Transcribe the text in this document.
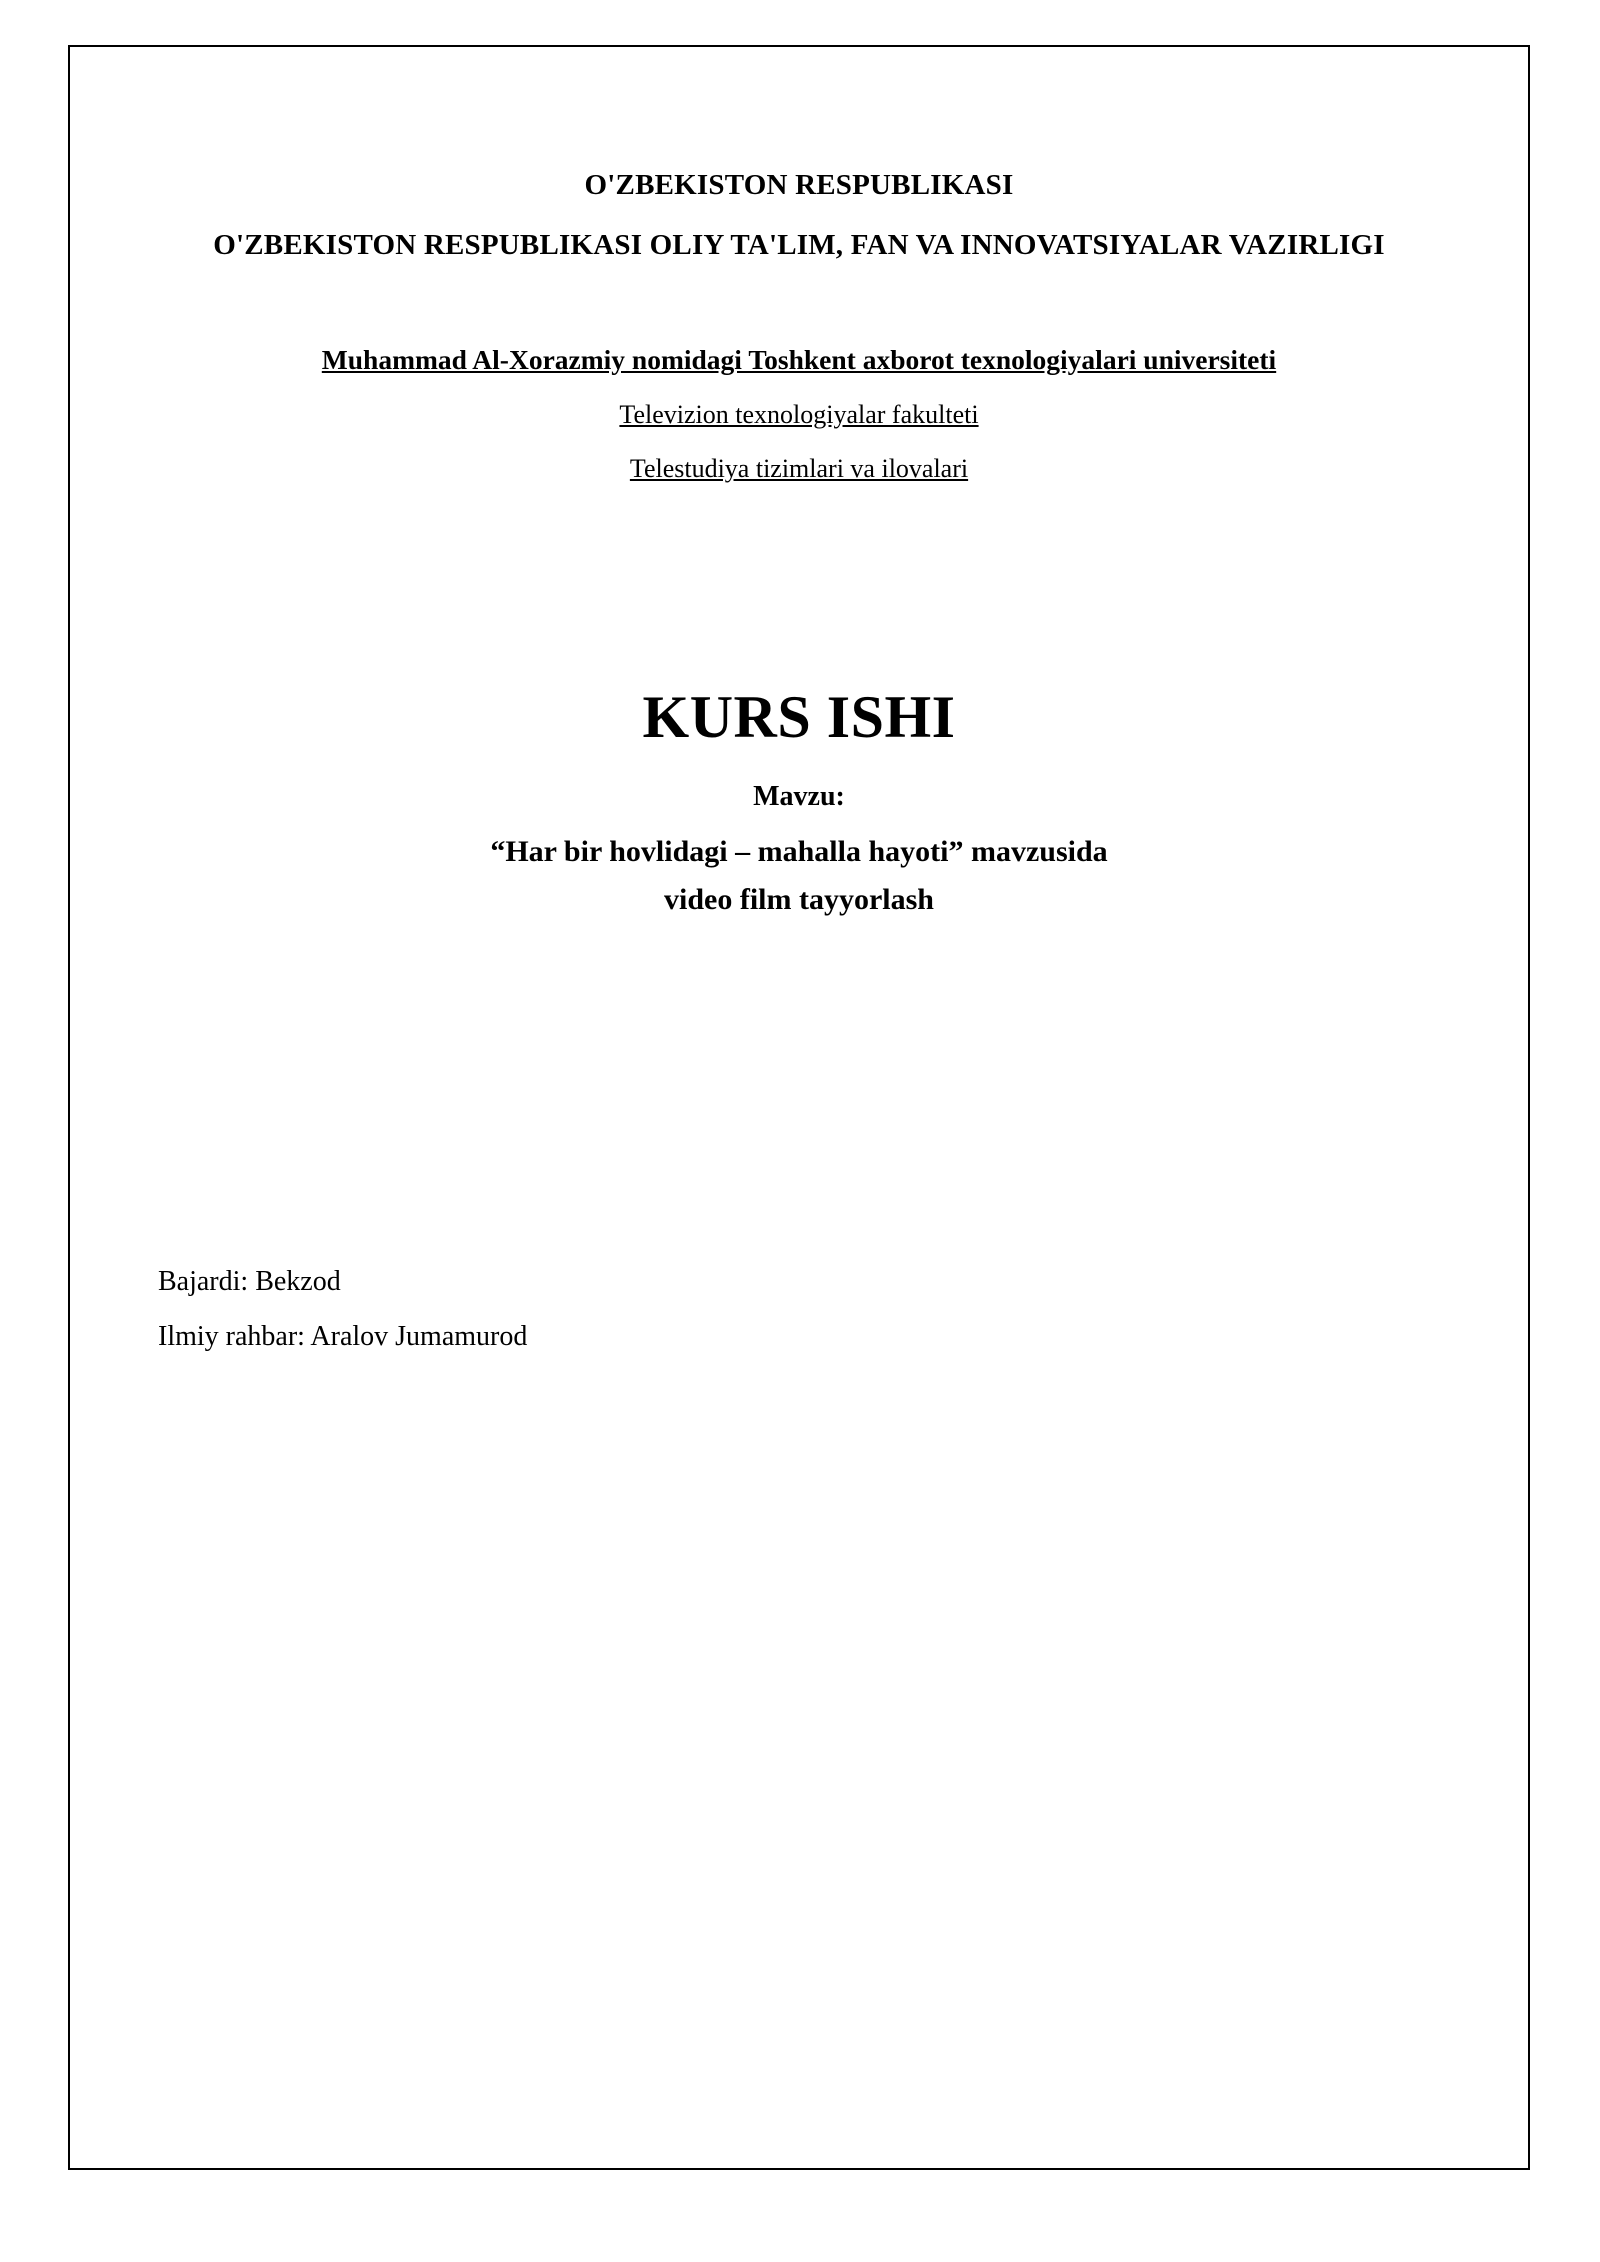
O'ZBEKISTON RESPUBLIKASI
O'ZBEKISTON RESPUBLIKASI OLIY TA'LIM, FAN VA INNOVATSIYALAR VAZIRLIGI
Muhammad Al-Xorazmiy nomidagi Toshkent axborot texnologiyalari universiteti
Televizion texnologiyalar fakulteti
Telestudiya tizimlari va ilovalari
KURS ISHI
Mavzu:
“Har bir hovlidagi – mahalla hayoti” mavzusida
video film tayyorlash
Bajardi: Bekzod
Ilmiy rahbar: Aralov Jumamurod
